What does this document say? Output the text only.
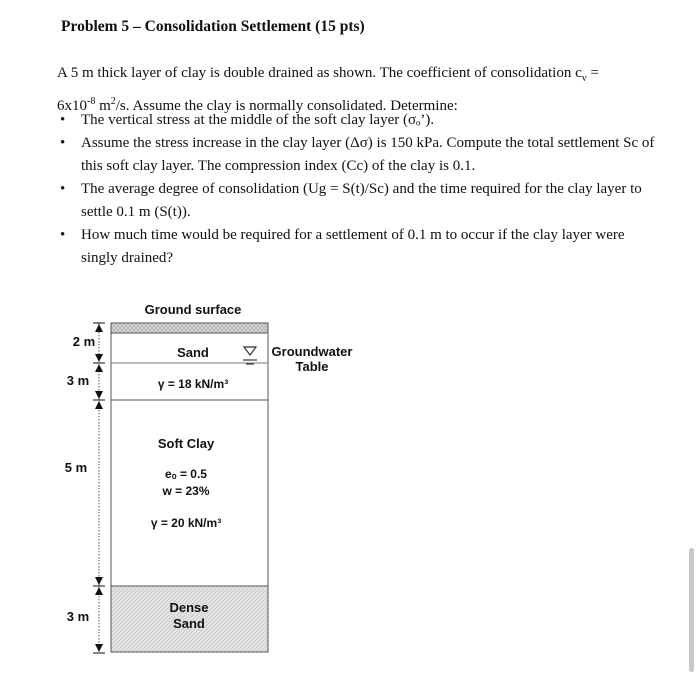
Problem 5 – Consolidation Settlement (15 pts)
A 5 m thick layer of clay is double drained as shown. The coefficient of consolidation $c_v$ =
$6x10^{-8}$ $m^2/s$. Assume the clay is normally consolidated. Determine:
• The vertical stress at the middle of the soft clay layer (σₒ’).
• Assume the stress increase in the clay layer (Δσ) is 150 kPa. Compute the total settlement Sc of this soft clay layer. The compression index (Cc) of the clay is 0.1.
• The average degree of consolidation (Ug = S(t)/Sc) and the time required for the clay layer to settle 0.1 m (S(t)).
• How much time would be required for a settlement of 0.1 m to occur if the clay layer were singly drained?
Ground surface
Sand
γ = 18 kN/m³
Groundwater
Table
Soft Clay
eₒ = 0.5
w = 23%
γ = 20 kN/m³
Dense
Sand
2 m
3 m
5 m
3 m
